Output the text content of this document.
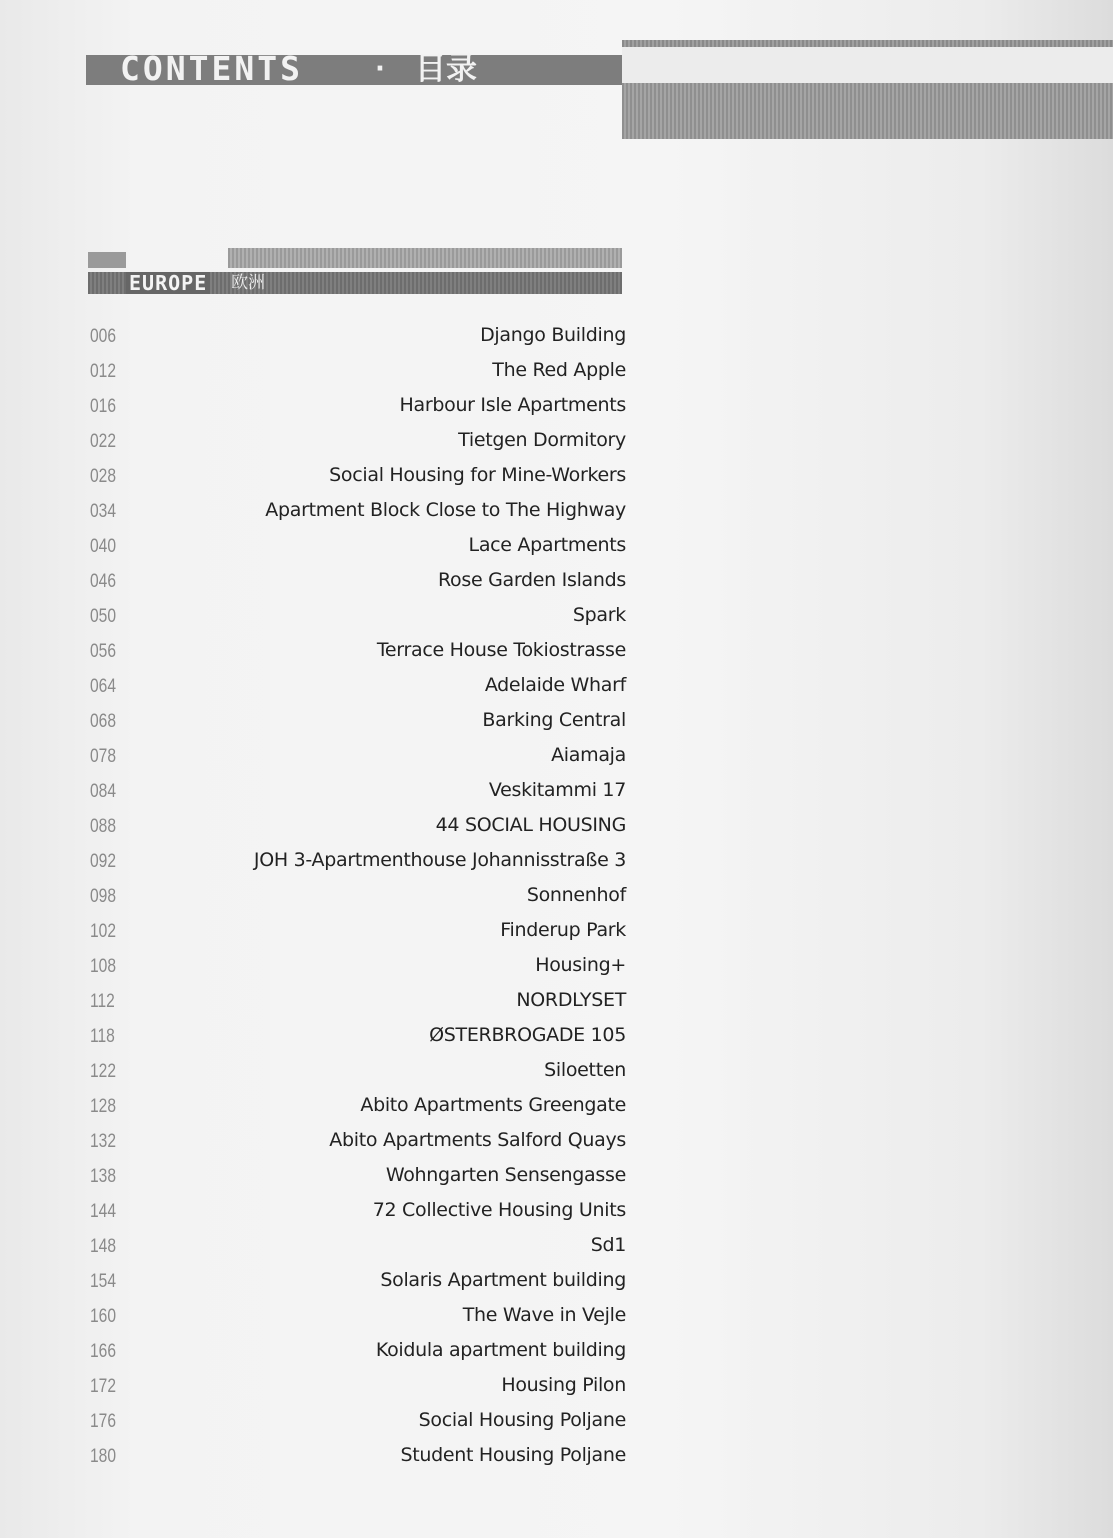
CONTENTS	· 目录
EUROPE 欧洲
006	Django Building
012	The Red Apple
016	Harbour Isle Apartments
022	Tietgen Dormitory
028	Social Housing for Mine-Workers
034	Apartment Block Close to The Highway
040	Lace Apartments
046	Rose Garden Islands
050	Spark
056	Terrace House Tokiostrasse
064	Adelaide Wharf
068	Barking Central
078	Aiamaja
084	Veskitammi 17
088	44 SOCIAL HOUSING
092	JOH 3-Apartmenthouse Johannisstraße 3
098	Sonnenhof
102	Finderup Park
108	Housing+
112	NORDLYSET
118	ØSTERBROGADE 105
122	Siloetten
128	Abito Apartments Greengate
132	Abito Apartments Salford Quays
138	Wohngarten Sensengasse
144	72 Collective Housing Units
148	Sd1
154	Solaris Apartment building
160	The Wave in Vejle
166	Koidula apartment building
172	Housing Pilon
176	Social Housing Poljane
180	Student Housing Poljane
